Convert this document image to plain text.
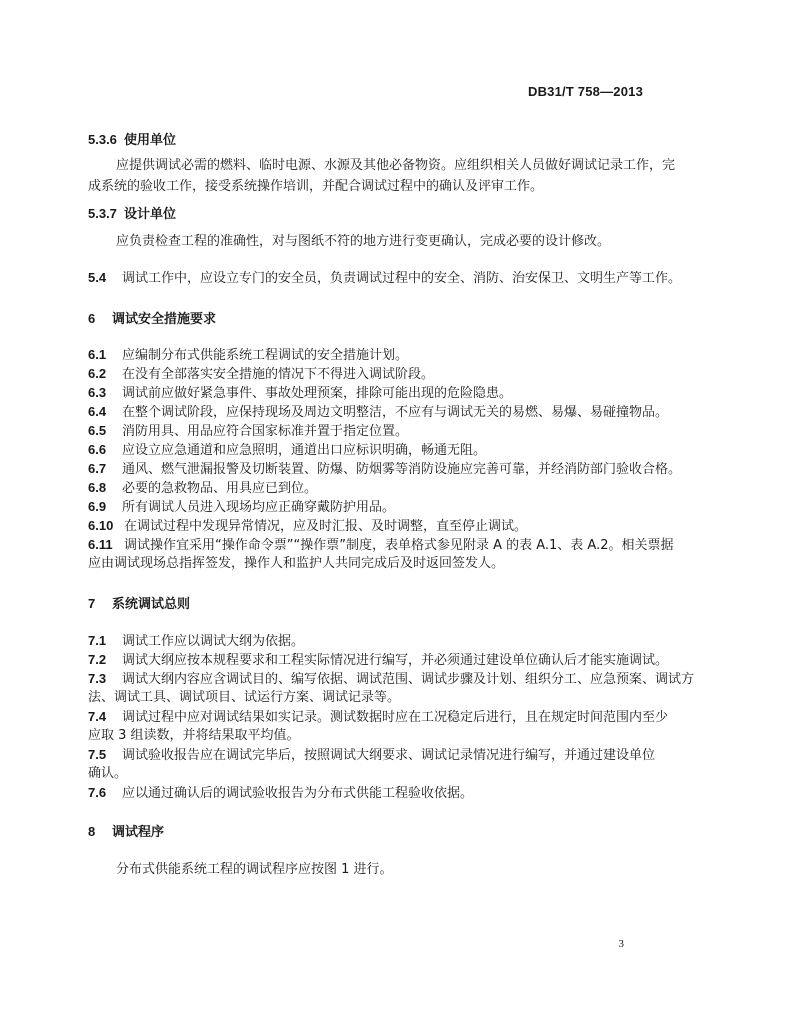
DB31/T 758—2013
5.3.6 使用单位
应提供调试必需的燃料、临时电源、水源及其他必备物资。应组织相关人员做好调试记录工作，完
成系统的验收工作，接受系统操作培训，并配合调试过程中的确认及评审工作。
5.3.7 设计单位
应负责检查工程的准确性，对与图纸不符的地方进行变更确认，完成必要的设计修改。
5.4 调试工作中，应设立专门的安全员，负责调试过程中的安全、消防、治安保卫、文明生产等工作。
6 调试安全措施要求
6.1 应编制分布式供能系统工程调试的安全措施计划。
6.2 在没有全部落实安全措施的情况下不得进入调试阶段。
6.3 调试前应做好紧急事件、事故处理预案，排除可能出现的危险隐患。
6.4 在整个调试阶段，应保持现场及周边文明整洁，不应有与调试无关的易燃、易爆、易碰撞物品。
6.5 消防用具、用品应符合国家标准并置于指定位置。
6.6 应设立应急通道和应急照明，通道出口应标识明确，畅通无阻。
6.7 通风、燃气泄漏报警及切断装置、防爆、防烟雾等消防设施应完善可靠，并经消防部门验收合格。
6.8 必要的急救物品、用具应已到位。
6.9 所有调试人员进入现场均应正确穿戴防护用品。
6.10 在调试过程中发现异常情况，应及时汇报、及时调整，直至停止调试。
6.11 调试操作宜采用“操作命令票”“操作票”制度，表单格式参见附录 A 的表 A.1、表 A.2。相关票据
应由调试现场总指挥签发，操作人和监护人共同完成后及时返回签发人。
7 系统调试总则
7.1 调试工作应以调试大纲为依据。
7.2 调试大纲应按本规程要求和工程实际情况进行编写，并必须通过建设单位确认后才能实施调试。
7.3 调试大纲内容应含调试目的、编写依据、调试范围、调试步骤及计划、组织分工、应急预案、调试方
法、调试工具、调试项目、试运行方案、调试记录等。
7.4 调试过程中应对调试结果如实记录。测试数据时应在工况稳定后进行，且在规定时间范围内至少
应取 3 组读数，并将结果取平均值。
7.5 调试验收报告应在调试完毕后，按照调试大纲要求、调试记录情况进行编写，并通过建设单位
确认。
7.6 应以通过确认后的调试验收报告为分布式供能工程验收依据。
8 调试程序
分布式供能系统工程的调试程序应按图 1 进行。
3
